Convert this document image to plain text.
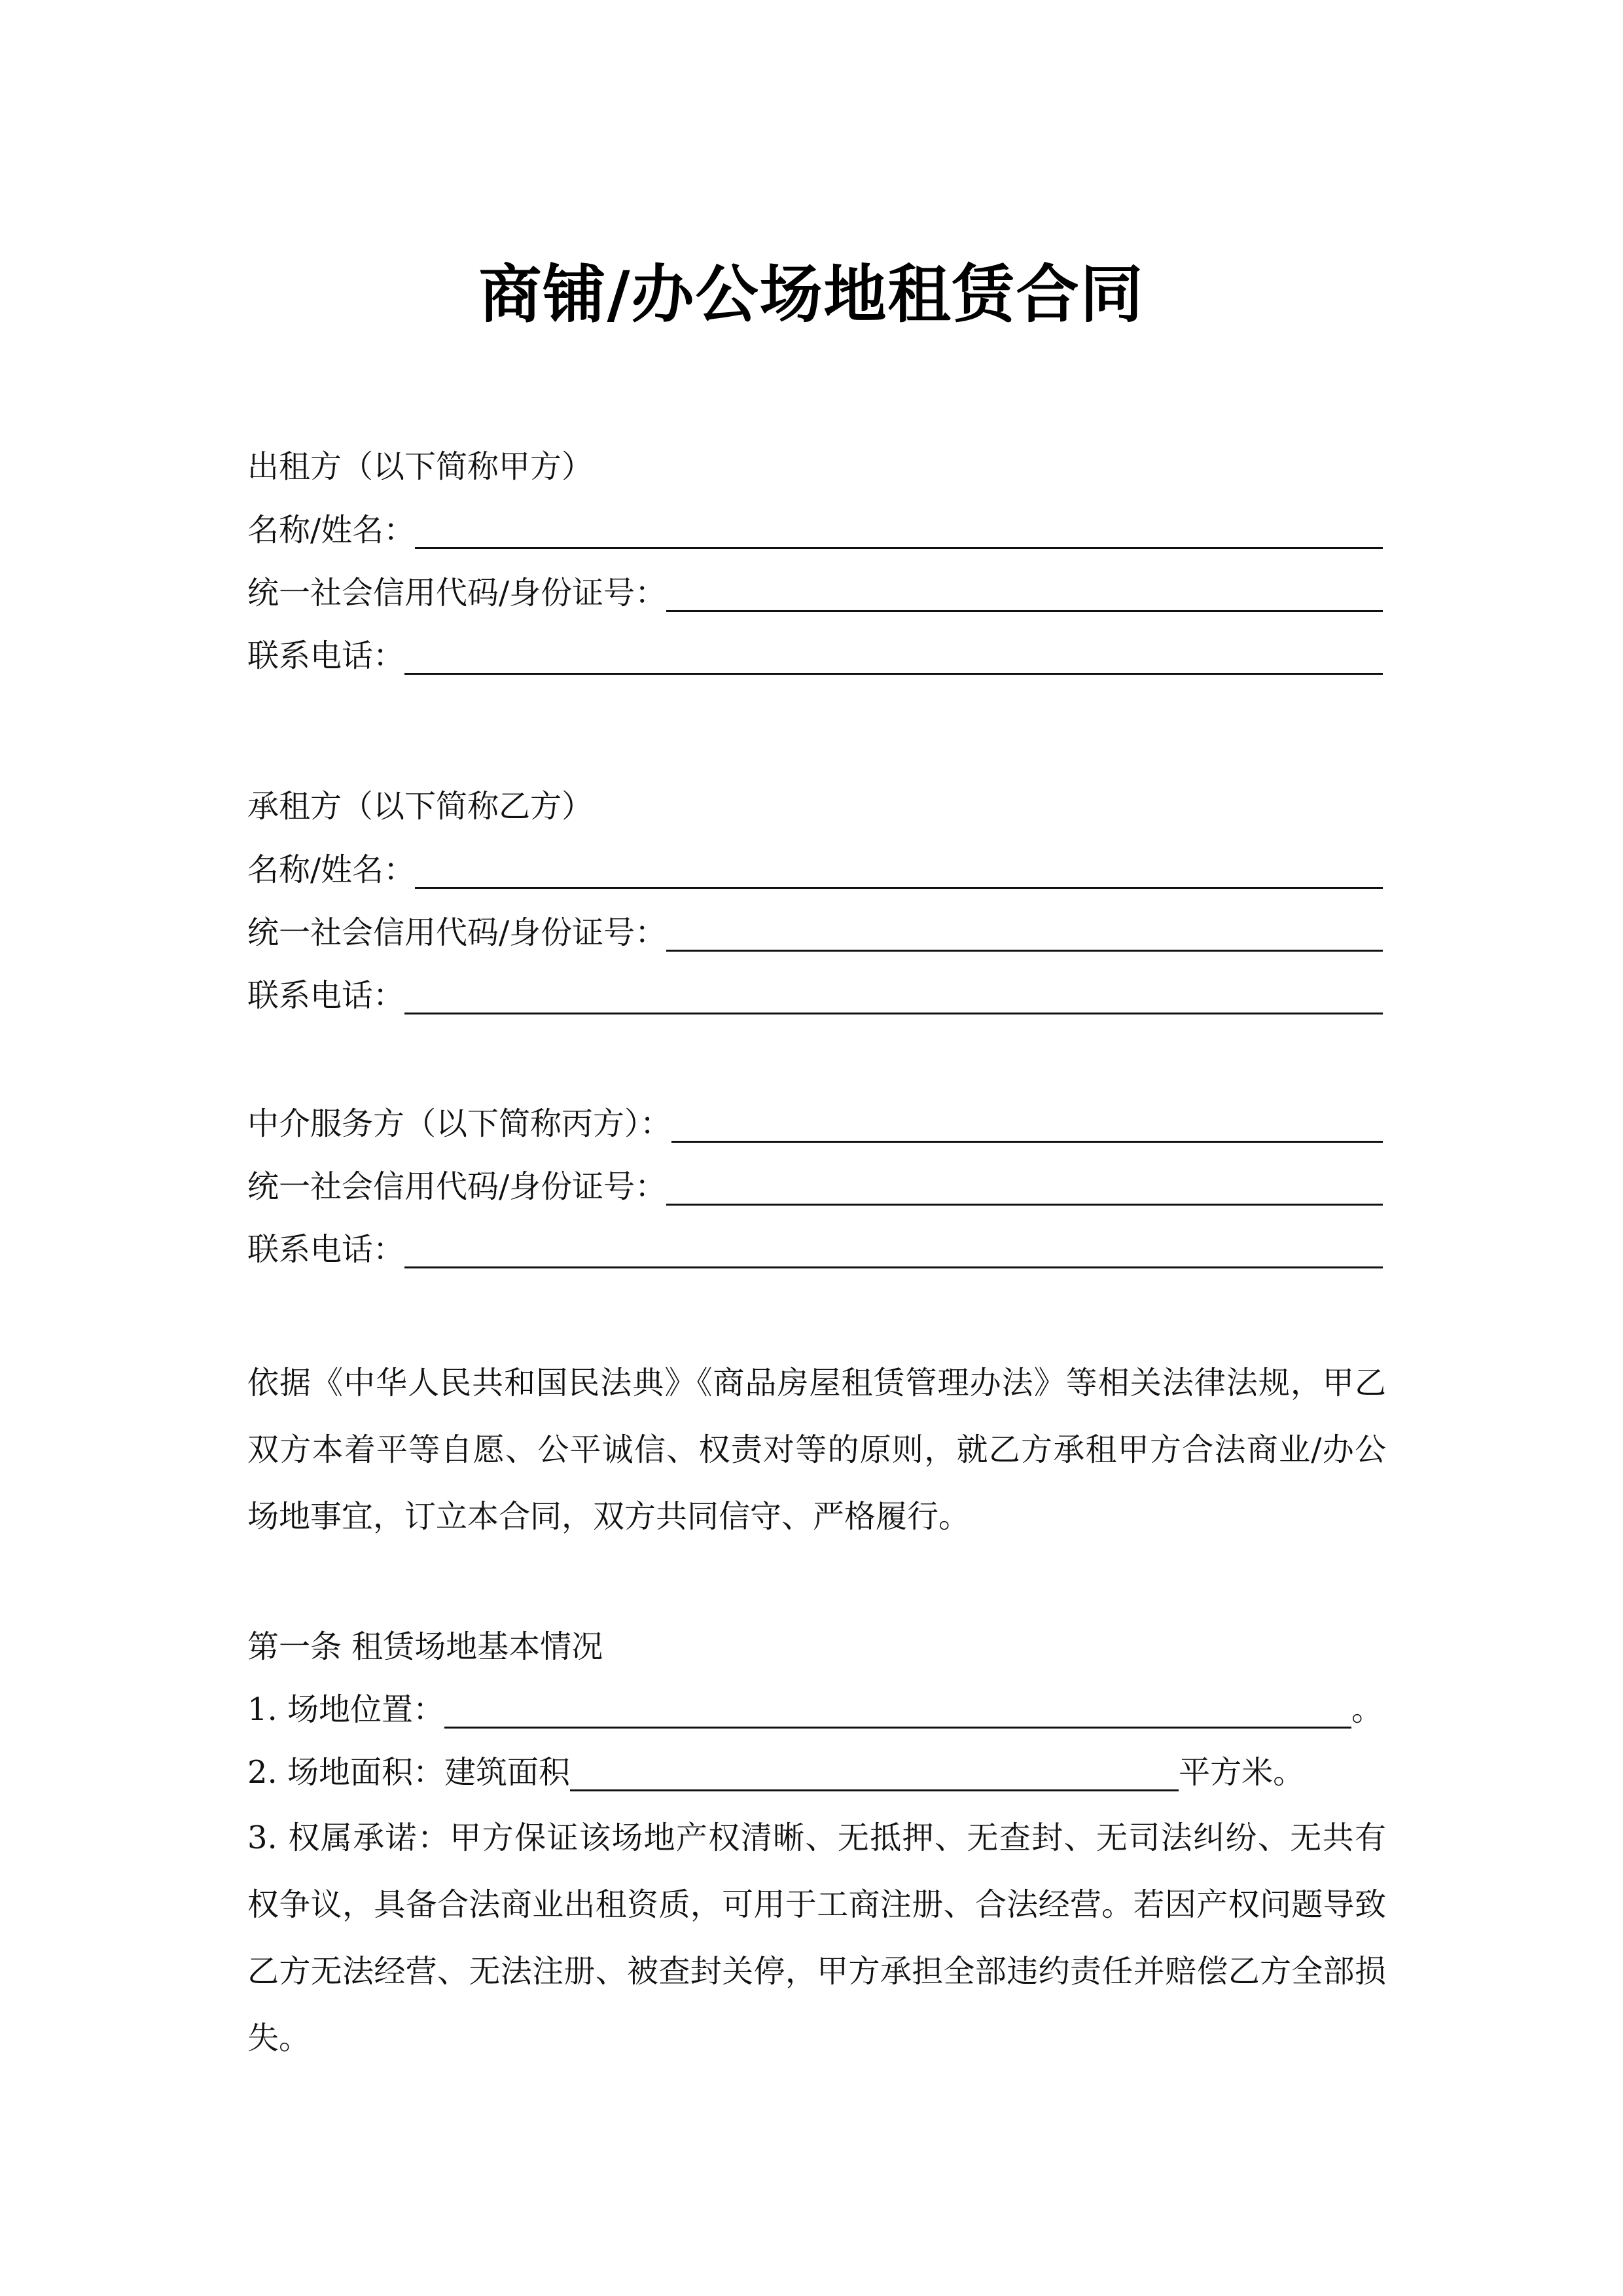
商铺/办公场地租赁合同
出租方（以下简称甲方）
名称/姓名：
统一社会信用代码/身份证号：
联系电话：
承租方（以下简称乙方）
名称/姓名：
统一社会信用代码/身份证号：
联系电话：
中介服务方（以下简称丙方）：
统一社会信用代码/身份证号：
联系电话：
依据《中华人民共和国民法典》《商品房屋租赁管理办法》等相关法律法规，甲乙双方本着平等自愿、公平诚信、权责对等的原则，就乙方承租甲方合法商业/办公场地事宜，订立本合同，双方共同信守、严格履行。
第一条 租赁场地基本情况
1. 场地位置：	。
2. 场地面积：建筑面积	平方米。
3. 权属承诺：甲方保证该场地产权清晰、无抵押、无查封、无司法纠纷、无共有权争议，具备合法商业出租资质，可用于工商注册、合法经营。若因产权问题导致乙方无法经营、无法注册、被查封关停，甲方承担全部违约责任并赔偿乙方全部损失。
